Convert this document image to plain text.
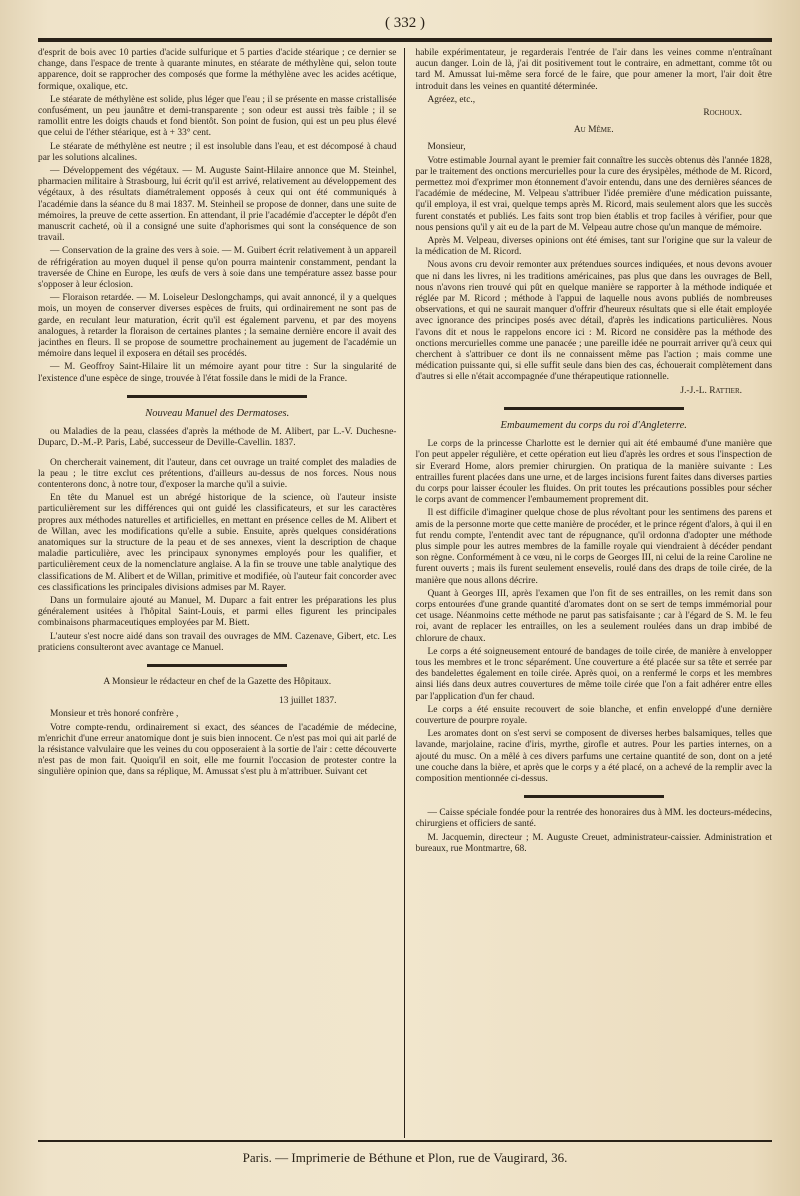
( 332 )

d'esprit de bois avec 10 parties d'acide sulfurique et 5 parties d'acide stéarique ; ce dernier se change, dans l'espace de trente à quarante minutes, en stéarate de méthylène qui, selon toute apparence, doit se rapprocher des composés que forme la méthylène avec les acides acétique, formique, oxalique, etc.

Le stéarate de méthylène est solide, plus léger que l'eau ; il se présente en masse cristallisée confusément, un peu jaunâtre et demi-transparente ; son odeur est aussi très faible ; il se ramollit entre les doigts chauds et fond bientôt. Son point de fusion, qui est un peu plus élevé que celui de l'éther stéarique, est à + 33° cent.

Le stéarate de méthylène est neutre ; il est insoluble dans l'eau, et est décomposé à chaud par les solutions alcalines.

— Développement des végétaux. — M. Auguste Saint-Hilaire annonce que M. Steinhel, pharmacien militaire à Strasbourg, lui écrit qu'il est arrivé, relativement au développement des végétaux, à des résultats diamétralement opposés à ceux qui ont été communiqués à l'académie dans la séance du 8 mai 1837. M. Steinheil se propose de donner, dans une suite de mémoires, la preuve de cette assertion. En attendant, il prie l'académie d'accepter le dépôt d'en manuscrit cacheté, où il a consigné une suite d'aphorismes qui sont la conséquence de son travail.

— Conservation de la graine des vers à soie. — M. Guibert écrit relativement à un appareil de réfrigération au moyen duquel il pense qu'on pourra maintenir constamment, pendant la traversée de Chine en Europe, les œufs de vers à soie dans une température assez basse pour s'opposer à leur éclosion.

— Floraison retardée. — M. Loiseleur Deslongchamps, qui avait annoncé, il y a quelques mois, un moyen de conserver diverses espèces de fruits, qui ordinairement ne sont pas de garde, en reculant leur maturation, écrit qu'il est également parvenu, et par des moyens analogues, à retarder la floraison de certaines plantes ; la semaine dernière encore il avait des jacinthes en fleurs. Il se propose de soumettre prochainement au jugement de l'académie un mémoire dans lequel il exposera en détail ses procédés.

— M. Geoffroy Saint-Hilaire lit un mémoire ayant pour titre : Sur la singularité de l'existence d'une espèce de singe, trouvée à l'état fossile dans le midi de la France.

Nouveau Manuel des Dermatoses.

ou Maladies de la peau, classées d'après la méthode de M. Alibert, par L.-V. Duchesne-Duparc, D.-M.-P. Paris, Labé, successeur de Deville-Cavellin. 1837.

On chercherait vainement, dit l'auteur, dans cet ouvrage un traité complet des maladies de la peau ; le titre exclut ces prétentions, d'ailleurs au-dessus de nos forces. Nous nous contenterons donc, à notre tour, d'exposer la marche qu'il a suivie.

En tête du Manuel est un abrégé historique de la science, où l'auteur insiste particulièrement sur les différences qui ont guidé les classificateurs, et sur les caractères propres aux méthodes naturelles et artificielles, en mettant en présence celles de M. Alibert et de Willan, avec les modifications qu'elle a subie. Ensuite, après quelques considérations anatomiques sur la structure de la peau et de ses annexes, vient la description de chaque maladie particulière, avec les principaux synonymes employés pour les qualifier, et particulièrement ceux de la nomenclature anglaise. A la fin se trouve une table analytique des classifications de M. Alibert et de Willan, primitive et modifiée, où l'auteur fait concorder avec ces classifications les principales divisions admises par M. Rayer.

Dans un formulaire ajouté au Manuel, M. Duparc a fait entrer les préparations les plus généralement usitées à l'hôpital Saint-Louis, et parmi elles figurent les principales combinaisons pharmaceutiques employées par M. Biett.

L'auteur s'est nocre aidé dans son travail des ouvrages de MM. Cazenave, Gibert, etc. Les praticiens consulteront avec avantage ce Manuel.

A Monsieur le rédacteur en chef de la Gazette des Hôpitaux.

13 juillet 1837.

Monsieur et très honoré confrère ,

Votre compte-rendu, ordinairement si exact, des séances de l'académie de médecine, m'enrichit d'une erreur anatomique dont je suis bien innocent. Ce n'est pas moi qui ait parlé de la résistance valvulaire que les veines du cou opposeraient à la sortie de l'air : cette découverte n'est pas de mon fait. Quoiqu'il en soit, elle me fournit l'occasion de protester contre la singulière opinion que, dans sa réplique, M. Amussat s'est plu à m'attribuer. Suivant cet

habile expérimentateur, je regarderais l'entrée de l'air dans les veines comme n'entraînant aucun danger. Loin de là, j'ai dit positivement tout le contraire, en admettant, comme tôt ou tard M. Amussat lui-même sera forcé de le faire, que pour amener la mort, l'air doit être introduit dans les veines en quantité déterminée.

Agréez, etc.,

Rochoux.
Au Même.

Monsieur,

Votre estimable Journal ayant le premier fait connaître les succès obtenus dès l'année 1828, par le traitement des onctions mercurielles pour la cure des érysipèles, méthode de M. Ricord, permettez moi d'exprimer mon étonnement d'avoir entendu, dans une des dernières séances de l'académie de médecine, M. Velpeau s'attribuer l'idée première d'une médication puissante, qu'il employa, il est vrai, quelque temps après M. Ricord, mais seulement alors que les succès furent constatés et publiés. Les faits sont trop bien établis et trop faciles à vérifier, pour que nous pensions qu'il y ait eu de la part de M. Velpeau autre chose qu'un manque de mémoire.

Après M. Velpeau, diverses opinions ont été émises, tant sur l'origine que sur la valeur de la médication de M. Ricord.

Nous avons cru devoir remonter aux prétendues sources indiquées, et nous devons avouer que ni dans les livres, ni les traditions américaines, pas plus que dans les ouvrages de Bell, nous n'avons rien trouvé qui pût en quelque manière se rapporter à la méthode indiquée et réglée par M. Ricord ; méthode à l'appui de laquelle nous avons publiés de nombreuses observations, et qui ne saurait manquer d'offrir d'heureux résultats que si elle était employée avec ignorance des principes posés avec détail, d'après les indications particulières. Nous l'avons dit et nous le rappelons encore ici : M. Ricord ne considère pas la méthode des onctions mercurielles comme une panacée ; une pareille idée ne pourrait arriver qu'à ceux qui cherchent à s'attribuer ce dont ils ne connaissent même pas l'action ; mais comme une médication puissante qui, si elle suffit seule dans bien des cas, échouerait complètement dans d'autres si elle n'était accompagnée d'une thérapeutique rationnelle.

J.-J.-L. Rattier.
Embaumement du corps du roi d'Angleterre.

Le corps de la princesse Charlotte est le dernier qui ait été embaumé d'une manière que l'on peut appeler régulière, et cette opération eut lieu d'après les ordres et sous l'inspection de sir Everard Home, alors premier chirurgien. On pratiqua de la manière suivante : Les entrailles furent placées dans une urne, et de larges incisions furent faites dans diverses parties du corps pour laisser écouler les fluides. On prit toutes les précautions possibles pour sécher le corps avant de commencer l'embaumement proprement dit.

Il est difficile d'imaginer quelque chose de plus révoltant pour les sentimens des parens et amis de la personne morte que cette manière de procéder, et le prince régent d'alors, à qui il en fut rendu compte, l'entendit avec tant de répugnance, qu'il ordonna d'adopter une méthode plus simple pour les autres membres de la famille royale qui viendraient à décéder pendant son règne. Conformément à ce vœu, ni le corps de Georges III, ni celui de la reine Caroline ne furent ouverts ; mais ils furent seulement ensevelis, roulé dans des draps de toile cirée, de la manière que nous allons décrire.

Quant à Georges III, après l'examen que l'on fit de ses entrailles, on les remit dans son corps entourées d'une grande quantité d'aromates dont on se sert de temps immémorial pour cet usage. Néanmoins cette méthode ne parut pas satisfaisante ; car à l'égard de S. M. le feu roi, avant de replacer les entrailles, on les a seulement roulées dans un drap imbibé de chlorure de chaux.

Le corps a été soigneusement entouré de bandages de toile cirée, de manière à envelopper tous les membres et le tronc séparément. Une couverture a été placée sur sa tête et serrée par des bandelettes également en toile cirée. Après quoi, on a renfermé le corps et les membres ainsi liés dans deux autres couvertures de même toile cirée que l'on a fait adhérer entre elles par l'application d'un fer chaud.

Le corps a été ensuite recouvert de soie blanche, et enfin enveloppé d'une dernière couverture de pourpre royale.

Les aromates dont on s'est servi se composent de diverses herbes balsamiques, telles que lavande, marjolaine, racine d'iris, myrthe, girofle et autres. Pour les parties internes, on a ajouté du musc. On a mêlé à ces divers parfums une certaine quantité de son, dont on a jeté une couche dans la bière, et après que le corps y a été placé, on a achevé de la remplir avec la composition mentionnée ci-dessus.

— Caisse spéciale fondée pour la rentrée des honoraires dus à MM. les docteurs-médecins, chirurgiens et officiers de santé.

M. Jacquemin, directeur ; M. Auguste Creuet, administrateur-caissier. Administration et bureaux, rue Montmartre, 68.

Paris. — Imprimerie de Béthune et Plon, rue de Vaugirard, 36.
